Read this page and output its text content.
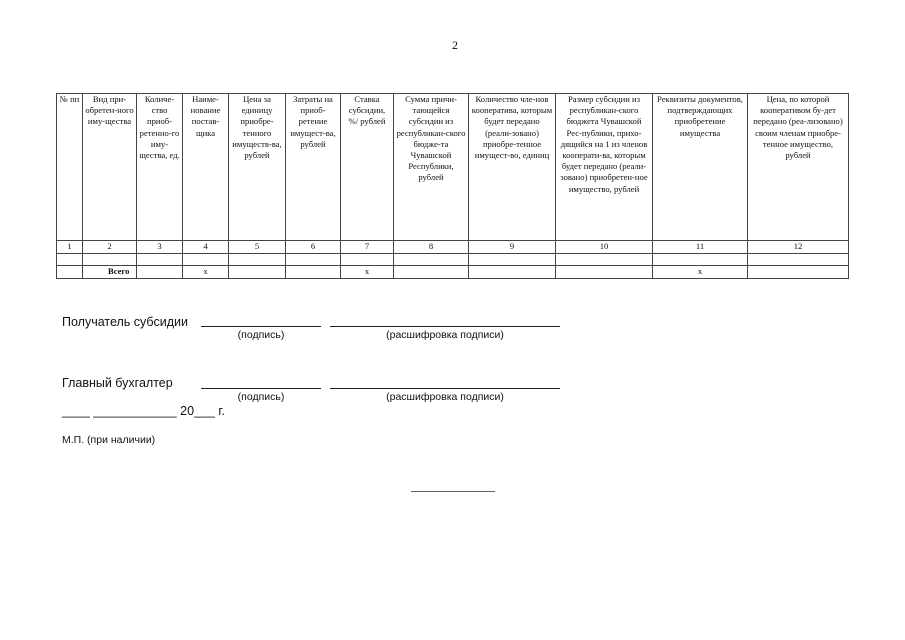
2
№ пп	Вид при-обретен-ного иму-щества	Количе-ство приоб-ретенно-го иму-щества, ед.	Наиме-нование постав-щика	Цена за единицу приобре-тенного имуществ-ва, рублей	Затраты на приоб-ретение имущест-ва, рублей	Ставка субсидии, %/ рублей	Сумма причи-тающейся субсидии из республикан-ского бюдже-та Чувашской Республики, рублей	Количество чле-нов кооператива, которым будет передано (реали-зовано) приобре-тенное имущест-во, единиц	Размер субсидии из республикан-ского бюджета Чувашской Рес-публики, прихо-дящийся на 1 из членов кооперати-ва, которым будет передано (реали-зовано) приобретен-ное имущество, рублей	Реквизиты документов, подтверждающих приобретение имущества	Цена, по которой кооперативом бу-дет передано (реа-лизовано) своим членам приобре-тенное имущество, рублей
1	2	3	4	5	6	7	8	9	10	11	12

	Всего		х			х				х	
Получатель субсидии
(подпись)	(расшифровка подписи)
Главный бухгалтер
(подпись)	(расшифровка подписи)
____ ____________ 20___ г.
М.П. (при наличии)
